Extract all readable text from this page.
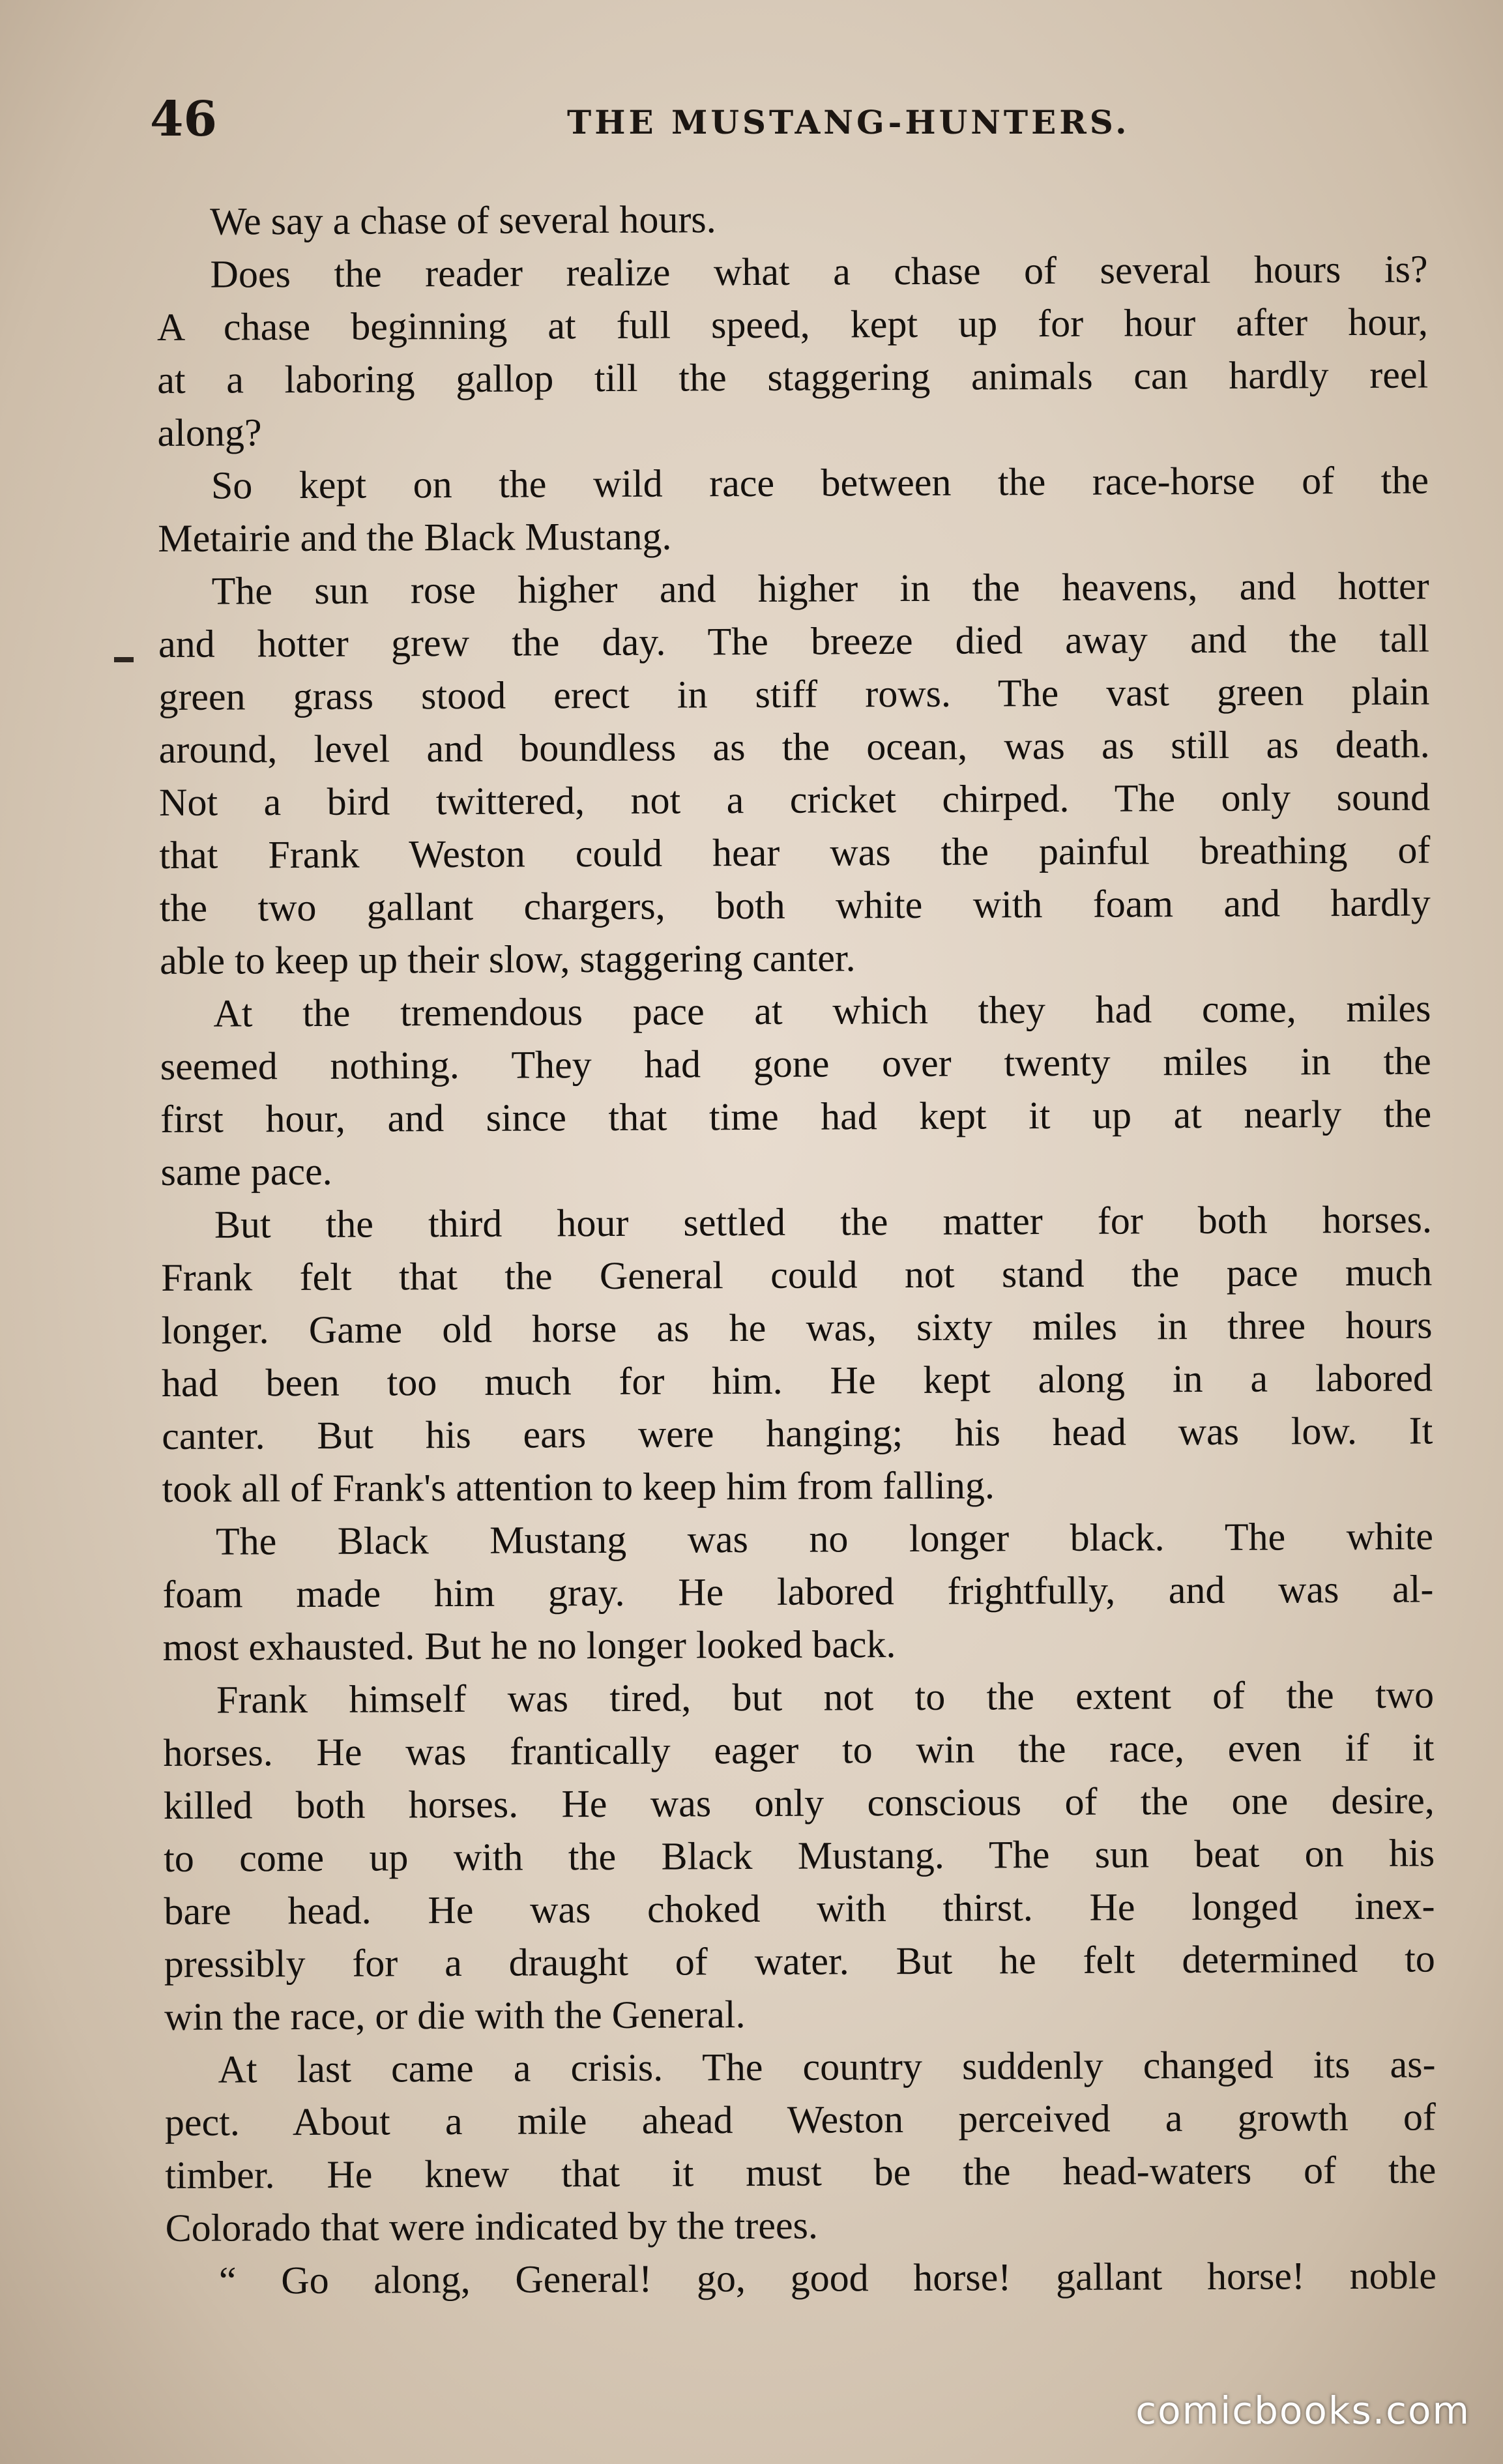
46	THE MUSTANG-HUNTERS.
We say a chase of several hours.
Does the reader realize what a chase of several hours is?
A chase beginning at full speed, kept up for hour after hour,
at a laboring gallop till the staggering animals can hardly reel
along?
So kept on the wild race between the race-horse of the
Metairie and the Black Mustang.
The sun rose higher and higher in the heavens, and hotter
and hotter grew the day. The breeze died away and the tall
green grass stood erect in stiff rows. The vast green plain
around, level and boundless as the ocean, was as still as death.
Not a bird twittered, not a cricket chirped. The only sound
that Frank Weston could hear was the painful breathing of
the two gallant chargers, both white with foam and hardly
able to keep up their slow, staggering canter.
At the tremendous pace at which they had come, miles
seemed nothing. They had gone over twenty miles in the
first hour, and since that time had kept it up at nearly the
same pace.
But the third hour settled the matter for both horses.
Frank felt that the General could not stand the pace much
longer. Game old horse as he was, sixty miles in three hours
had been too much for him. He kept along in a labored
canter. But his ears were hanging; his head was low. It
took all of Frank's attention to keep him from falling.
The Black Mustang was no longer black. The white
foam made him gray. He labored frightfully, and was al-
most exhausted. But he no longer looked back.
Frank himself was tired, but not to the extent of the two
horses. He was frantically eager to win the race, even if it
killed both horses. He was only conscious of the one desire,
to come up with the Black Mustang. The sun beat on his
bare head. He was choked with thirst. He longed inex-
pressibly for a draught of water. But he felt determined to
win the race, or die with the General.
At last came a crisis. The country suddenly changed its as-
pect. About a mile ahead Weston perceived a growth of
timber. He knew that it must be the head-waters of the
Colorado that were indicated by the trees.
“ Go along, General! go, good horse! gallant horse! noble
comicbooks.com
